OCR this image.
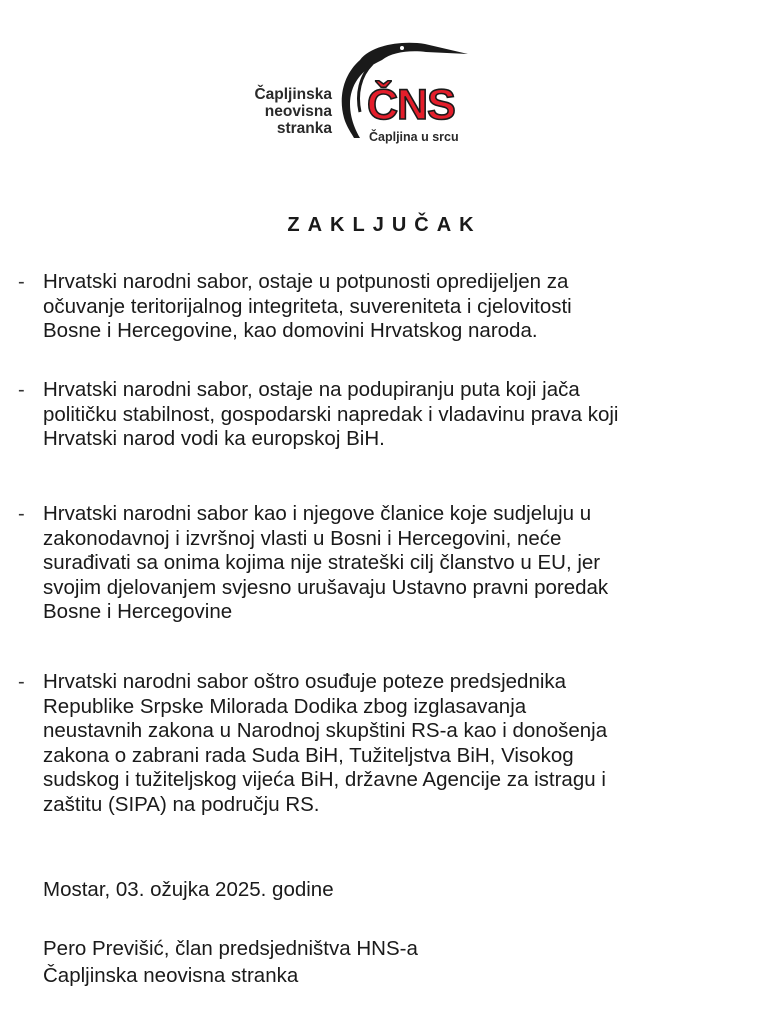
Čapljinska
neovisna
stranka ČNS
Čapljina u srcu
ZAKLJUČAK
- Hrvatski narodni sabor, ostaje u potpunosti opredijeljen za
očuvanje teritorijalnog integriteta, suvereniteta i cjelovitosti
Bosne i Hercegovine, kao domovini Hrvatskog naroda.
- Hrvatski narodni sabor, ostaje na podupiranju puta koji jača
političku stabilnost, gospodarski napredak i vladavinu prava koji
Hrvatski narod vodi ka europskoj BiH.
- Hrvatski narodni sabor kao i njegove članice koje sudjeluju u
zakonodavnoj i izvršnoj vlasti u Bosni i Hercegovini, neće
surađivati sa onima kojima nije strateški cilj članstvo u EU, jer
svojim djelovanjem svjesno urušavaju Ustavno pravni poredak
Bosne i Hercegovine
- Hrvatski narodni sabor oštro osuđuje poteze predsjednika
Republike Srpske Milorada Dodika zbog izglasavanja
neustavnih zakona u Narodnoj skupštini RS-a kao i donošenja
zakona o zabrani rada Suda BiH, Tužiteljstva BiH, Visokog
sudskog i tužiteljskog vijeća BiH, državne Agencije za istragu i
zaštitu (SIPA) na području RS.
Mostar, 03. ožujka 2025. godine
Pero Previšić, član predsjedništva HNS-a
Čapljinska neovisna stranka
